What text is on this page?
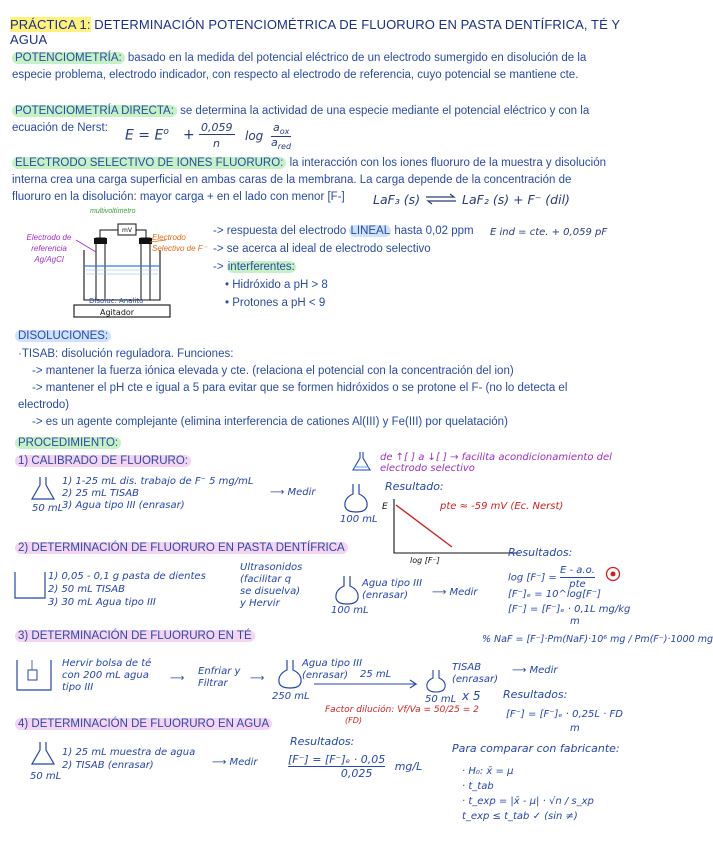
PRÁCTICA 1: DETERMINACIÓN POTENCIOMÉTRICA DE FLUORURO EN PASTA DENTÍFRICA, TÉ Y AGUA
POTENCIOMETRÍA: basado en la medida del potencial eléctrico de un electrodo sumergido en disolución de la
especie problema, electrodo indicador, con respecto al electrodo de referencia, cuyo potencial se mantiene cte.
POTENCIOMETRÍA DIRECTA: se determina la actividad de una especie mediante el potencial eléctrico y con la
ecuación de Nerst:	$E = E^o + 0,059$
n
log
$a_{ox}$
$a_{red}$
ELECTRODO SELECTIVO DE IONES FLUORURO: la interacción con los iones fluoruro de la muestra y disolución
interna crea una carga superficial en ambas caras de la membrana. La carga depende de la concentración de
fluoruro en la disolución: mayor carga + en el lado con menor [F-]	LaF₃ (s) ⇌ LaF₂ (s) + F⁻ (dil)
Agitador
Disoluc. Analito
mV
multivoltímetro
Electrodo de referencia Ag/AgCl
Electrodo Selectivo de F⁻
-> respuesta del electrodo LINEAL hasta 0,02 ppm
-> se acerca al ideal de electrodo selectivo
-> interferentes:
• Hidróxido a pH > 8
• Protones a pH < 9
E ind = cte. + 0,059 pF
DISOLUCIONES:
·TISAB: disolución reguladora. Funciones:
-> mantener la fuerza iónica elevada y cte. (relaciona el potencial con la concentración del ion)
-> mantener el pH cte e igual a 5 para evitar que se formen hidróxidos o se protone el F- (no lo detecta el
electrodo)
-> es un agente complejante (elimina interferencia de cationes Al(III) y Fe(III) por quelatación)
PROCEDIMIENTO:
1) CALIBRADO DE FLUORURO:
50 mL
1) 1-25 mL dis. trabajo de F⁻ 5 mg/mL
2) 25 mL TISAB
3) Agua tipo III (enrasar)
⟶ Medir
100 mL
de ↑[ ] a ↓[ ] → facilita acondicionamiento del electrodo selectivo
Resultado:
E
log [F⁻]
pte ≈ -59 mV (Ec. Nerst)
2) DETERMINACIÓN DE FLUORURO EN PASTA DENTÍFRICA
1) 0,05 - 0,1 g pasta de dientes
2) 50 mL TISAB
3) 30 mL Agua tipo III
Ultrasonidos
(facilitar q
se disuelva)
y Hervir
100 mL
Agua tipo III
(enrasar)	⟶ Medir
Resultados:
log [F⁻] =
E - a.o.
pte
[F⁻]ₑ = 10^log[F⁻]
[F⁻] = [F⁻]ₑ · 0,1L mg/kg
m
3) DETERMINACIÓN DE FLUORURO EN TÉ	% NaF = [F⁻]·Pm(NaF)·10⁶ mg / Pm(F⁻)·1000 mg
Hervir bolsa de té
con 200 mL agua
tipo III
⟶
Enfriar y
Filtrar	⟶
250 mL
Agua tipo III
(enrasar)	25 mL
TISAB
(enrasar)
⟶ Medir
50 mL x 5
Factor dilución: Vf/Va = 50/25 = 2
(FD)
Resultados:
[F⁻] = [F⁻]ₑ · 0,25L · FD
m
4) DETERMINACIÓN DE FLUORURO EN AGUA
50 mL
1) 25 mL muestra de agua
2) TISAB (enrasar)	⟶ Medir
Resultados:
$\frac{\text{[F⁻] = [F⁻]ₑ · 0,05}}{0,025} mg/L$
Para comparar con fabricante:
· H₀: x̄ = μ
· t_tab
· t_exp = |x̄ - μ| · √n / s_xp
t_exp ≤ t_tab ✓ (sin ≠)
